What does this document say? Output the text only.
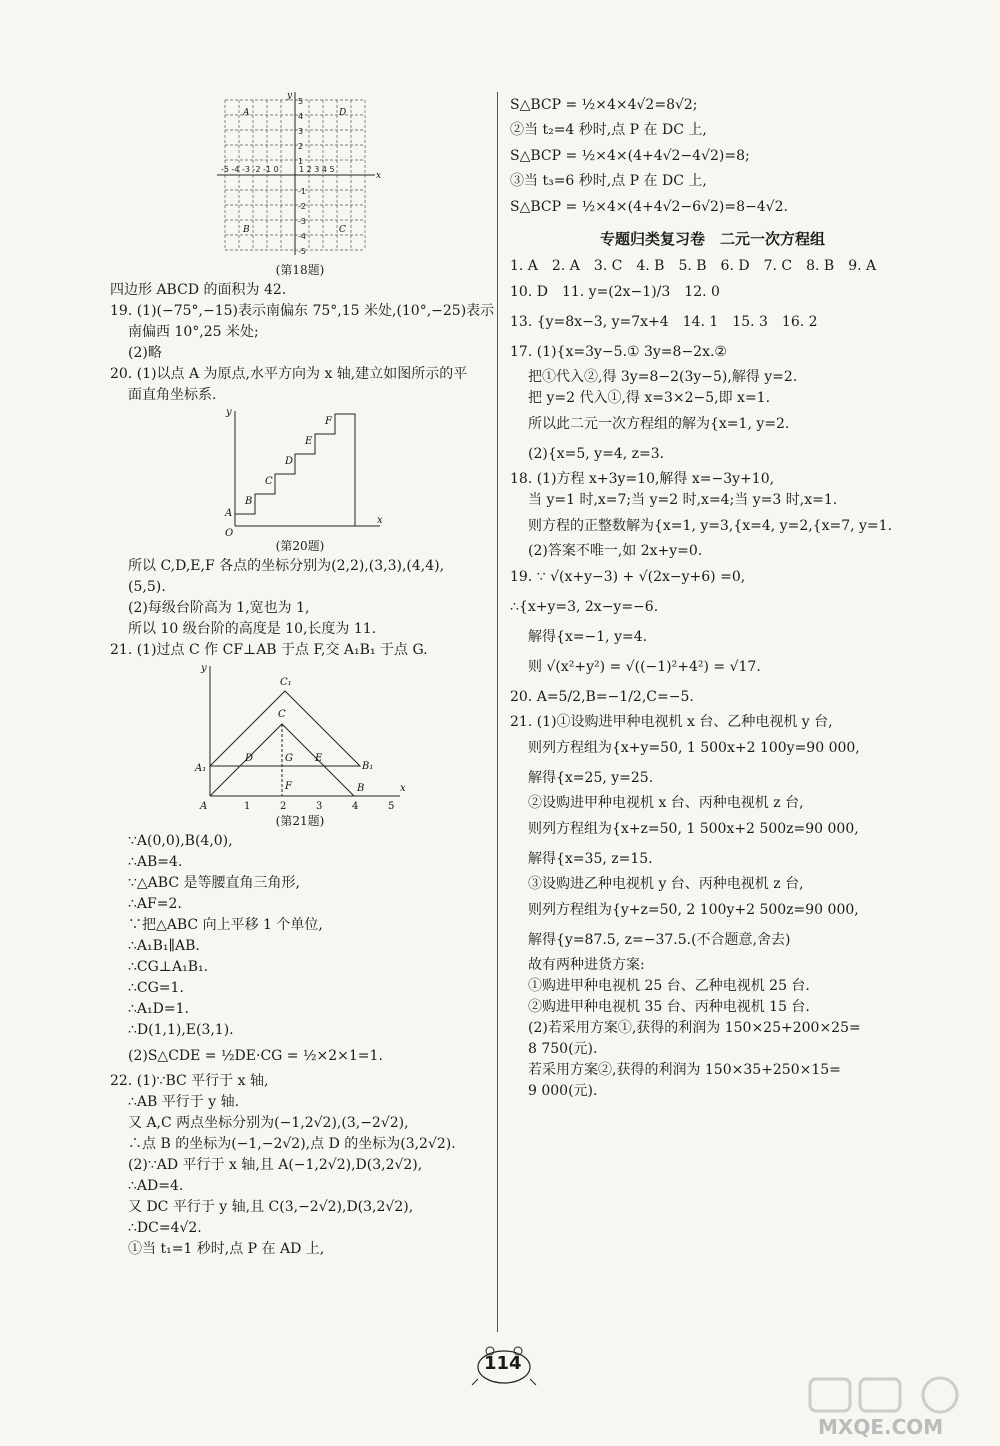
-5 -4 -3 -2 -1 0	1 2 3 4 5
5
4
3
2
1
-1
-2
-3
-4
-5
A	D
B	C
x
y
(第18题)
四边形 ABCD 的面积为 42.
19. (1)(−75°,−15)表示南偏东 75°,15 米处,(10°,−25)表示
南偏西 10°,25 米处;
(2)略
20. (1)以点 A 为原点,水平方向为 x 轴,建立如图所示的平
面直角坐标系.
y
x
O
A
B
C
D
E
F
(第20题)
所以 C,D,E,F 各点的坐标分别为(2,2),(3,3),(4,4),
(5,5).
(2)每级台阶高为 1,宽也为 1,
所以 10 级台阶的高度是 10,长度为 11.
21. (1)过点 C 作 CF⊥AB 于点 F,交 A₁B₁ 于点 G.
y
x
A
B
C
C₁
A₁	B₁
D	G E
F
1	2	3	4	5
(第21题)
∵A(0,0),B(4,0),
∴AB=4.
∵△ABC 是等腰直角三角形,
∴AF=2.
∵把△ABC 向上平移 1 个单位,
∴A₁B₁∥AB.
∴CG⊥A₁B₁.
∴CG=1.
∴A₁D=1.
∴D(1,1),E(3,1).
(2)S△CDE = ½DE·CG = ½×2×1=1.
22. (1)∵BC 平行于 x 轴,
∴AB 平行于 y 轴.
又 A,C 两点坐标分别为(−1,2√2),(3,−2√2),
∴点 B 的坐标为(−1,−2√2),点 D 的坐标为(3,2√2).
(2)∵AD 平行于 x 轴,且 A(−1,2√2),D(3,2√2),
∴AD=4.
又 DC 平行于 y 轴,且 C(3,−2√2),D(3,2√2),
∴DC=4√2.
①当 t₁=1 秒时,点 P 在 AD 上,
S△BCP = ½×4×4√2=8√2;
②当 t₂=4 秒时,点 P 在 DC 上,
S△BCP = ½×4×(4+4√2−4√2)=8;
③当 t₃=6 秒时,点 P 在 DC 上,
S△BCP = ½×4×(4+4√2−6√2)=8−4√2.
专题归类复习卷　二元一次方程组
1. A　2. A　3. C　4. B　5. B　6. D　7. C　8. B　9. A
10. D　11. y=(2x−1)/3　12. 0
13. {y=8x−3, y=7x+4　14. 1　15. 3　16. 2
17. (1){x=3y−5.① 3y=8−2x.②
把①代入②,得 3y=8−2(3y−5),解得 y=2.
把 y=2 代入①,得 x=3×2−5,即 x=1.
所以此二元一次方程组的解为{x=1, y=2.
(2){x=5, y=4, z=3.
18. (1)方程 x+3y=10,解得 x=−3y+10,
当 y=1 时,x=7;当 y=2 时,x=4;当 y=3 时,x=1.
则方程的正整数解为{x=1, y=3,{x=4, y=2,{x=7, y=1.
(2)答案不唯一,如 2x+y=0.
19. ∵ √(x+y−3) + √(2x−y+6) =0,
∴{x+y=3, 2x−y=−6.
解得{x=−1, y=4.
则 √(x²+y²) = √((−1)²+4²) = √17.
20. A=5/2,B=−1/2,C=−5.
21. (1)①设购进甲种电视机 x 台、乙种电视机 y 台,
则列方程组为{x+y=50, 1 500x+2 100y=90 000,
解得{x=25, y=25.
②设购进甲种电视机 x 台、丙种电视机 z 台,
则列方程组为{x+z=50, 1 500x+2 500z=90 000,
解得{x=35, z=15.
③设购进乙种电视机 y 台、丙种电视机 z 台,
则列方程组为{y+z=50, 2 100y+2 500z=90 000,
解得{y=87.5, z=−37.5.(不合题意,舍去)
故有两种进货方案:
①购进甲种电视机 25 台、乙种电视机 25 台.
②购进甲种电视机 35 台、丙种电视机 15 台.
(2)若采用方案①,获得的利润为 150×25+200×25=
8 750(元).
若采用方案②,获得的利润为 150×35+250×15=
9 000(元).
114
MXQE.COM
